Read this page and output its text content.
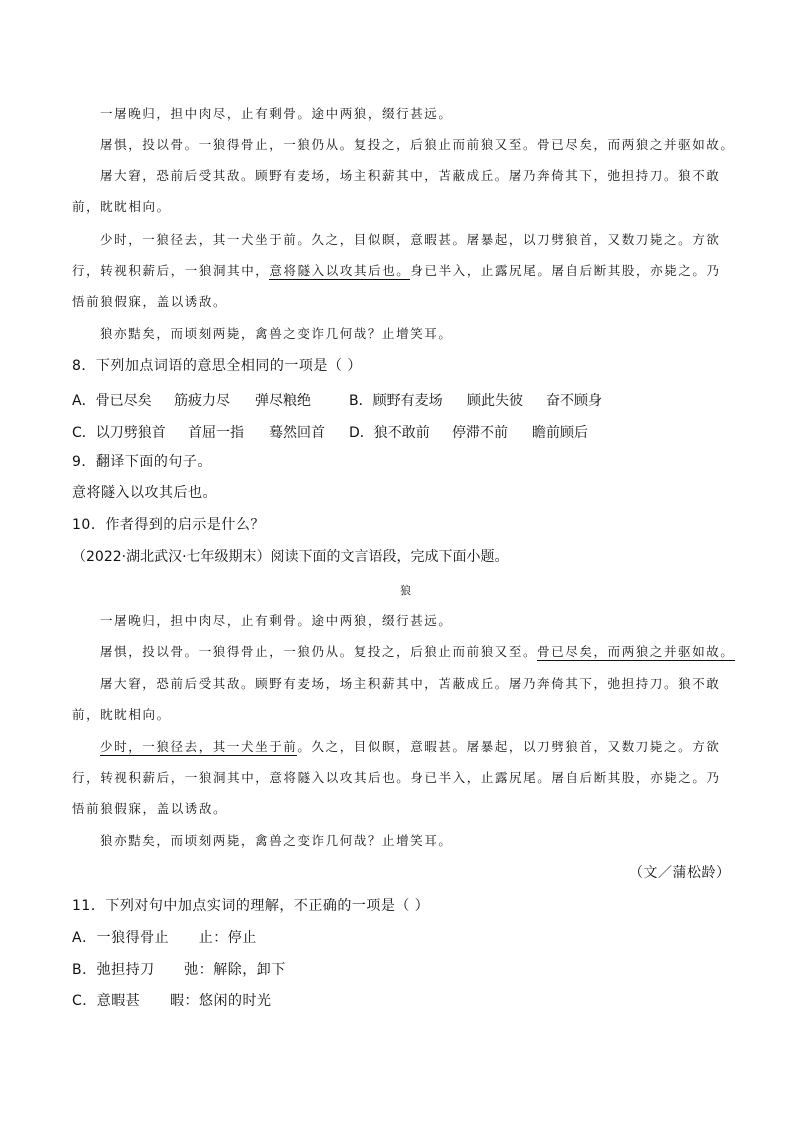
一屠晚归，担中肉尽，止有剩骨。途中两狼，缀行甚远。
屠惧，投以骨。一狼得骨止，一狼仍从。复投之，后狼止而前狼又至。骨已尽矣，而两狼之并驱如故。
屠大窘，恐前后受其敌。顾野有麦场，场主积薪其中，苫蔽成丘。屠乃奔倚其下，弛担持刀。狼不敢
前，眈眈相向。
少时，一狼径去，其一犬坐于前。久之，目似瞑，意暇甚。屠暴起，以刀劈狼首，又数刀毙之。方欲
行，转视积薪后，一狼洞其中，意将隧入以攻其后也。身已半入，止露尻尾。屠自后断其股，亦毙之。乃
悟前狼假寐，盖以诱敌。
狼亦黠矣，而顷刻两毙，禽兽之变诈几何哉？止增笑耳。
8．下列加点词语的意思全相同的一项是（ ）
A．骨已尽矣	筋疲力尽	弹尽粮绝	B．顾野有麦场	顾此失彼	奋不顾身
C．以刀劈狼首	首屈一指	蓦然回首	D．狼不敢前	停滞不前	瞻前顾后
9．翻译下面的句子。
意将隧入以攻其后也。
10．作者得到的启示是什么？
（2022·湖北武汉·七年级期末）阅读下面的文言语段，完成下面小题。
狼
一屠晚归，担中肉尽，止有剩骨。途中两狼，缀行甚远。
屠惧，投以骨。一狼得骨止，一狼仍从。复投之，后狼止而前狼又至。骨已尽矣，而两狼之并驱如故。
屠大窘，恐前后受其敌。顾野有麦场，场主积薪其中，苫蔽成丘。屠乃奔倚其下，弛担持刀。狼不敢
前，眈眈相向。
少时，一狼径去，其一犬坐于前。久之，目似瞑，意暇甚。屠暴起，以刀劈狼首，又数刀毙之。方欲
行，转视积薪后，一狼洞其中，意将隧入以攻其后也。身已半入，止露尻尾。屠自后断其股，亦毙之。乃
悟前狼假寐，盖以诱敌。
狼亦黠矣，而顷刻两毙，禽兽之变诈几何哉？止增笑耳。
（文／蒲松龄）
11．下列对句中加点实词的理解，不正确的一项是（ ）
A．一狼得骨止      止：停止
B．弛担持刀      弛：解除，卸下
C．意暇甚      暇：悠闲的时光
